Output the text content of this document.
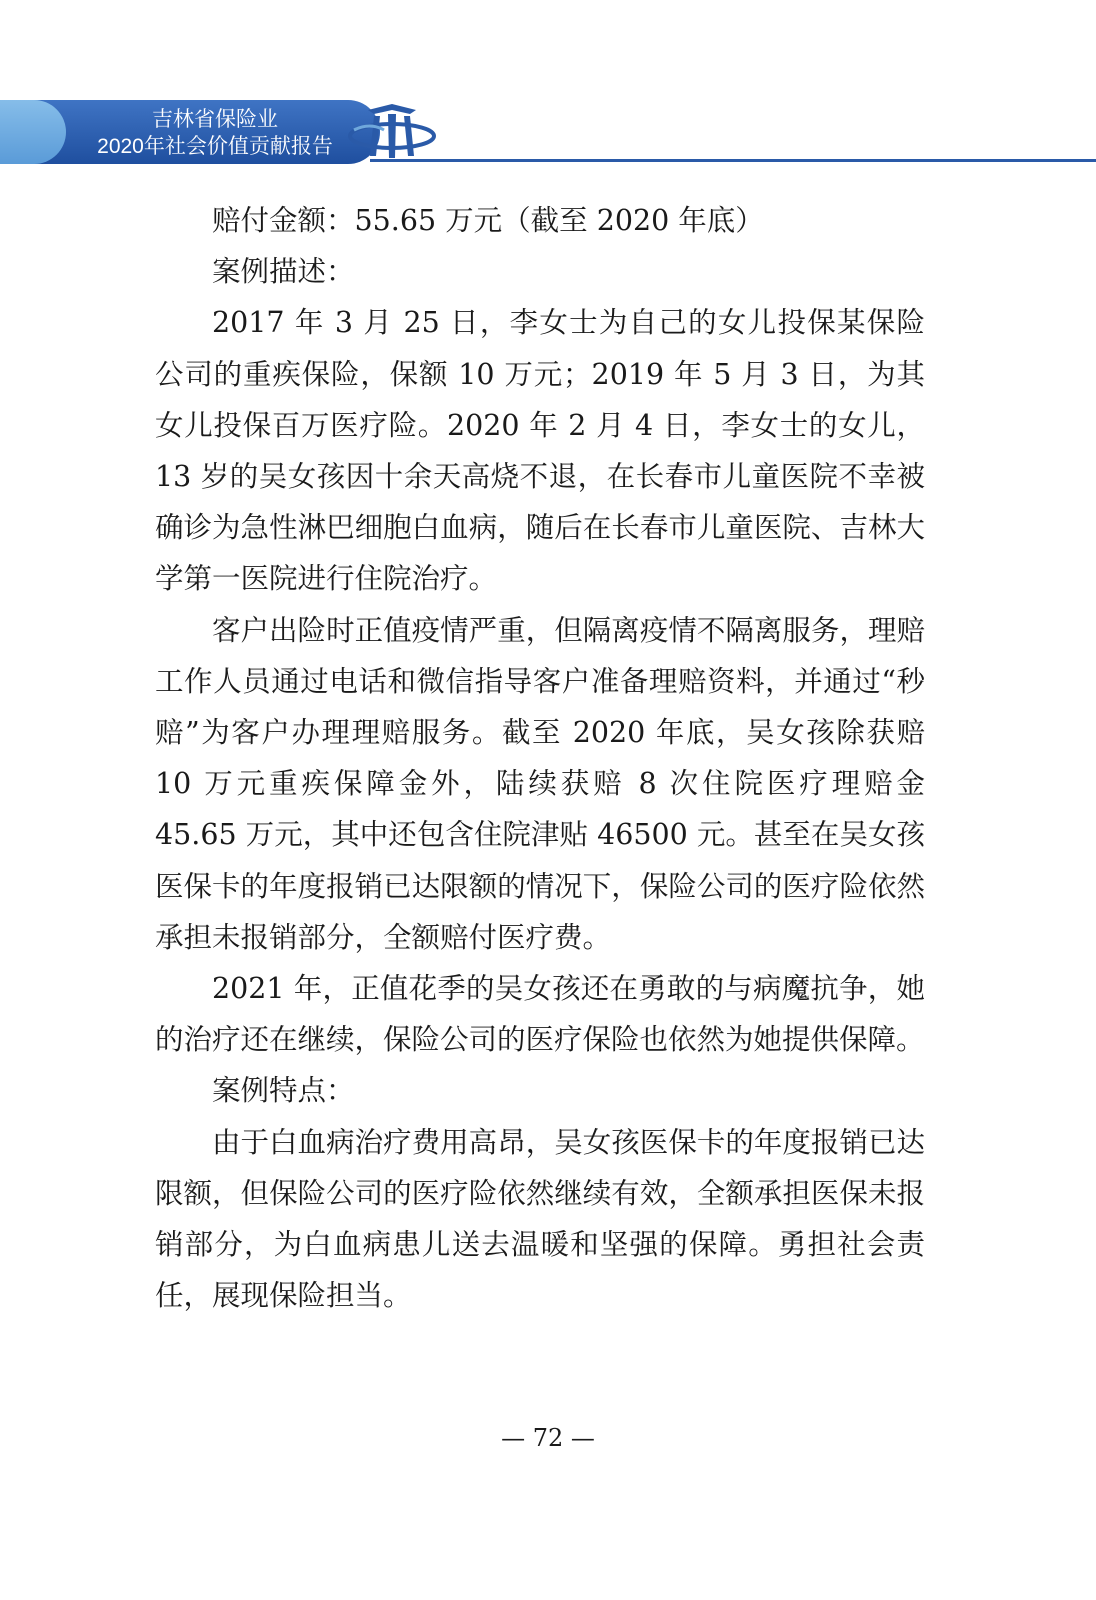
吉林省保险业
2020年社会价值贡献报告

赔付金额：55.65 万元（截至 2020 年底）

案例描述：

2017 年 3 月 25 日，李女士为自己的女儿投保某保险公司的重疾保险，保额 10 万元；2019 年 5 月 3 日，为其女儿投保百万医疗险。2020 年 2 月 4 日，李女士的女儿，13 岁的吴女孩因十余天高烧不退，在长春市儿童医院不幸被确诊为急性淋巴细胞白血病，随后在长春市儿童医院、吉林大学第一医院进行住院治疗。

客户出险时正值疫情严重，但隔离疫情不隔离服务，理赔工作人员通过电话和微信指导客户准备理赔资料，并通过“秒赔”为客户办理理赔服务。截至 2020 年底，吴女孩除获赔 10 万元重疾保障金外，陆续获赔 8 次住院医疗理赔金 45.65 万元，其中还包含住院津贴 46500 元。甚至在吴女孩医保卡的年度报销已达限额的情况下，保险公司的医疗险依然承担未报销部分，全额赔付医疗费。

2021 年，正值花季的吴女孩还在勇敢的与病魔抗争，她的治疗还在继续，保险公司的医疗保险也依然为她提供保障。

案例特点：

由于白血病治疗费用高昂，吴女孩医保卡的年度报销已达限额，但保险公司的医疗险依然继续有效，全额承担医保未报销部分，为白血病患儿送去温暖和坚强的保障。勇担社会责任，展现保险担当。

— 72 —
